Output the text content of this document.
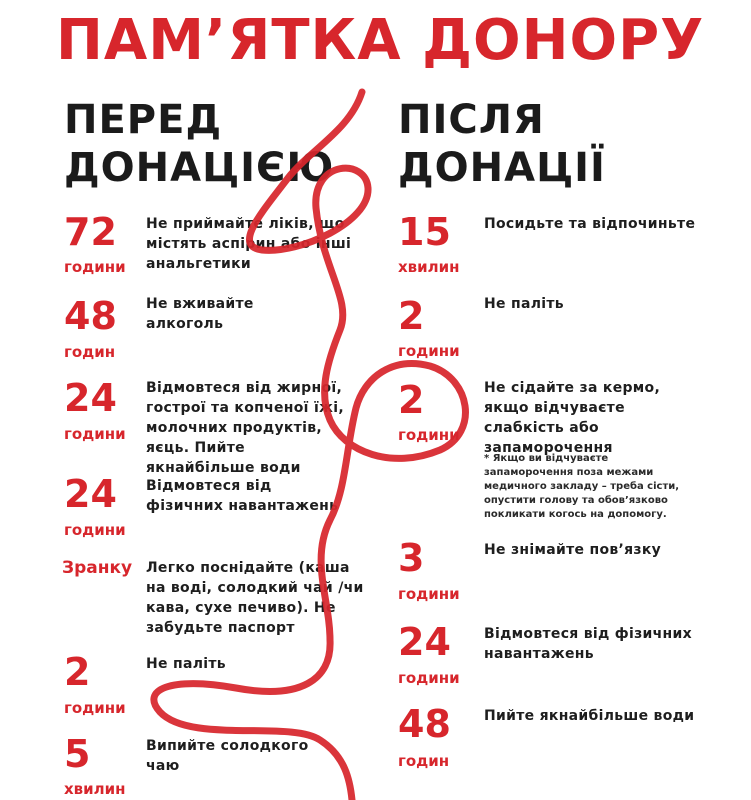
ПАМ’ЯТКА ДОНОРУ
ПЕРЕД
ДОНАЦІЄЮ
ПІСЛЯ
ДОНАЦІЇ
72
години
Не приймайте ліків, що містять аспірин або інші анальгетики
48
годин
Не вживайте алкоголь
24
години
Відмовтеся від жирної, гострої та копченої їжі, молочних продуктів, яєць. Пийте якнайбільше води
24
години
Відмовтеся від фізичних навантажень
Зранку Легко поснідайте (каша на воді, солодкий чай /чи кава, сухе печиво). Не забудьте паспорт
2
години
Не паліть
5
хвилин
Випийте солодкого чаю
15
хвилин
Посидьте та відпочиньте
2
години
Не паліть
2
години
Не сідайте за кермо, якщо відчуваєте слабкість або запаморочення
* Якщо ви відчуваєте запаморочення поза межами медичного закладу – треба сісти, опустити голову та обов’язково покликати когось на допомогу.
3
години
Не знімайте пов’язку
24
години
Відмовтеся від фізичних навантажень
48
годин
Пийте якнайбільше води
